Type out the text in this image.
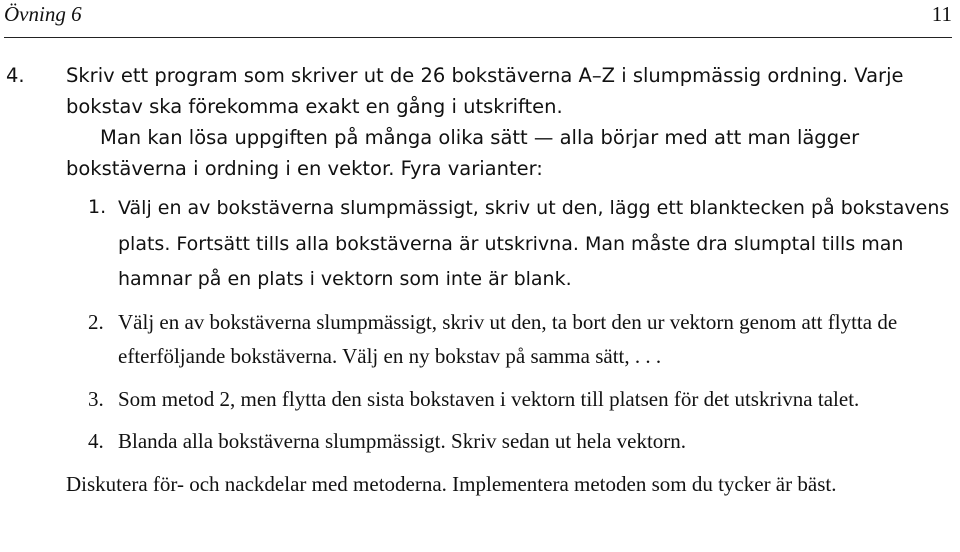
Övning 6	11
4. Skriv ett program som skriver ut de 26 bokstäverna A–Z i slumpmässig ordning. Varje bokstav ska förekomma exakt en gång i utskriften.
Man kan lösa uppgiften på många olika sätt — alla börjar med att man lägger bokstäverna i ordning i en vektor. Fyra varianter:
1. Välj en av bokstäverna slumpmässigt, skriv ut den, lägg ett blanktecken på bokstavens plats. Fortsätt tills alla bokstäverna är utskrivna. Man måste dra slumptal tills man hamnar på en plats i vektorn som inte är blank.
2. Välj en av bokstäverna slumpmässigt, skriv ut den, ta bort den ur vektorn genom att flytta de efterföljande bokstäverna. Välj en ny bokstav på samma sätt, . . .
3. Som metod 2, men flytta den sista bokstaven i vektorn till platsen för det utskrivna talet.
4. Blanda alla bokstäverna slumpmässigt. Skriv sedan ut hela vektorn.
Diskutera för- och nackdelar med metoderna. Implementera metoden som du tycker är bäst.
